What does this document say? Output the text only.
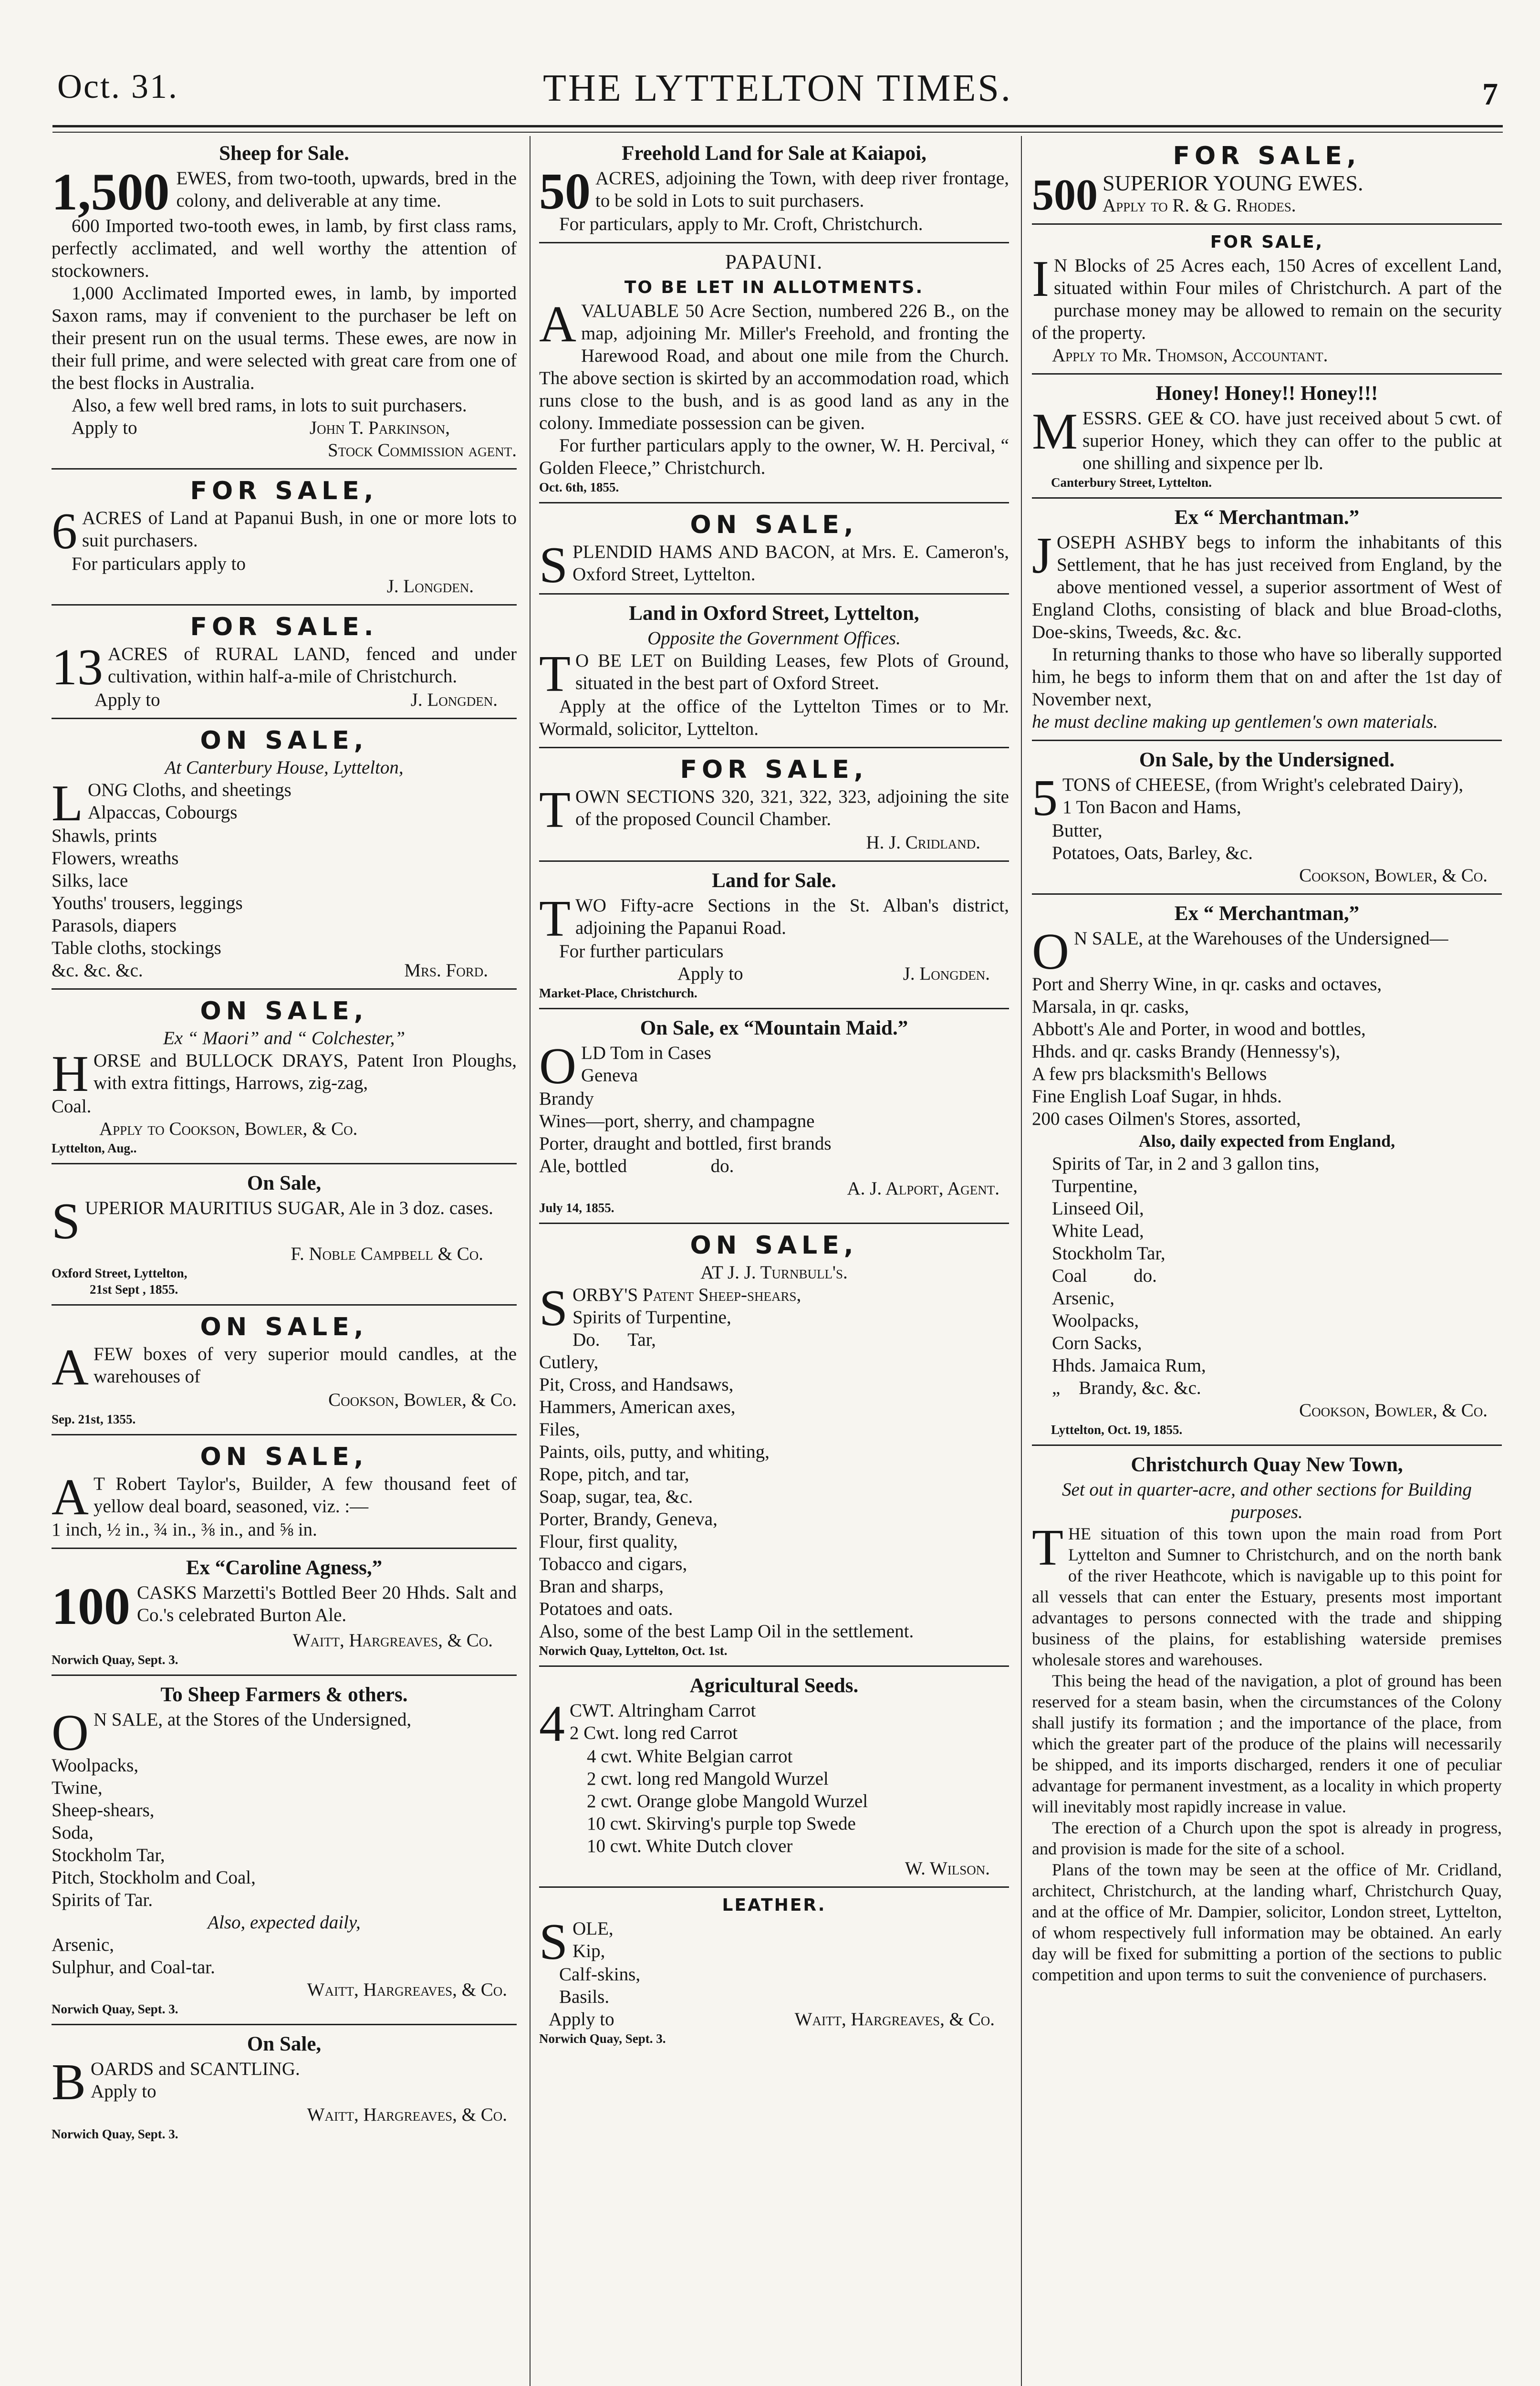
Oct. 31.	THE LYTTELTON TIMES.	7
Sheep for Sale.
1,500 EWES, from two-tooth, upwards, bred in the colony, and deliverable at any time.

600 Imported two-tooth ewes, in lamb, by first class rams, perfectly acclimated, and well worthy the attention of stockowners.

1,000 Acclimated Imported ewes, in lamb, by imported Saxon rams, may if convenient to the purchaser be left on their present run on the usual terms. These ewes, are now in their full prime, and were selected with great care from one of the best flocks in Australia.

Also, a few well bred rams, in lots to suit purchasers.

Apply to	John T. Parkinson,
Stock Commission agent.
FOR SALE,
6 ACRES of Land at Papanui Bush, in one or more lots to suit purchasers.

For particulars apply to

J. Longden.
FOR SALE.
13 ACRES of RURAL LAND, fenced and under cultivation, within half-a-mile of Christchurch.

Apply to	J. Longden.
ON SALE,
At Canterbury House, Lyttelton,
L ONG Cloths, and sheetings

Alpaccas, Cobourgs

Shawls, prints

Flowers, wreaths

Silks, lace

Youths' trousers, leggings

Parasols, diapers

Table cloths, stockings

&c. &c. &c.	Mrs. Ford.
ON SALE,
Ex “ Maori” and “ Colchester,”
H ORSE and BULLOCK DRAYS, Patent Iron Ploughs, with extra fittings, Harrows, zig-zag,

Coal.

Apply to Cookson, Bowler, & Co.

Lyttelton, Aug..
On Sale,
S UPERIOR MAURITIUS SUGAR, Ale in 3 doz. cases.

F. Noble Campbell & Co.
Oxford Street, Lyttelton,
21st Sept , 1855.
ON SALE,
A FEW boxes of very superior mould candles, at the warehouses of

Cookson, Bowler, & Co.
Sep. 21st, 1355.
ON SALE,
A T Robert Taylor's, Builder, A few thousand feet of yellow deal board, seasoned, viz. :—

1 inch, ½ in., ¾ in., ⅜ in., and ⅝ in.

Ex “Caroline Agness,”
100 CASKS Marzetti's Bottled Beer 20 Hhds. Salt and Co.'s celebrated Burton Ale.

Waitt, Hargreaves, & Co.
Norwich Quay, Sept. 3.
To Sheep Farmers & others.
O N SALE, at the Stores of the Undersigned,

Woolpacks,

Twine,

Sheep-shears,

Soda,

Stockholm Tar,

Pitch, Stockholm and Coal,

Spirits of Tar.

Also, expected daily,

Arsenic,

Sulphur, and Coal-tar.

Waitt, Hargreaves, & Co.
Norwich Quay, Sept. 3.
On Sale,
B OARDS and SCANTLING.

Apply to

Waitt, Hargreaves, & Co.
Norwich Quay, Sept. 3.
Freehold Land for Sale at Kaiapoi,
50 ACRES, adjoining the Town, with deep river frontage, to be sold in Lots to suit purchasers.

For particulars, apply to Mr. Croft, Christchurch.

PAPAUNI.
TO BE LET IN ALLOTMENTS.
A VALUABLE 50 Acre Section, numbered 226 B., on the map, adjoining Mr. Miller's Freehold, and fronting the Harewood Road, and about one mile from the Church. The above section is skirted by an accommodation road, which runs close to the bush, and is as good land as any in the colony. Immediate possession can be given.

For further particulars apply to the owner, W. H. Percival, “ Golden Fleece,” Christchurch.

Oct. 6th, 1855.
ON SALE,
S PLENDID HAMS AND BACON, at Mrs. E. Cameron's, Oxford Street, Lyttelton.

Land in Oxford Street, Lyttelton,
Opposite the Government Offices.
T O BE LET on Building Leases, few Plots of Ground, situated in the best part of Oxford Street.

Apply at the office of the Lyttelton Times or to Mr. Wormald, solicitor, Lyttelton.

FOR SALE,
T OWN SECTIONS 320, 321, 322, 323, adjoining the site of the proposed Council Chamber.

H. J. Cridland.
Land for Sale.
T WO Fifty-acre Sections in the St. Alban's district, adjoining the Papanui Road.

For further particulars

Apply to	J. Longden.
Market-Place, Christchurch.
On Sale, ex “Mountain Maid.”
O LD Tom in Cases

Geneva

Brandy

Wines—port, sherry, and champagne

Porter, draught and bottled, first brands

Ale, bottled                  do.

A. J. Alport, Agent.
July 14, 1855.
ON SALE,
AT J. J. Turnbull's.
S ORBY'S Patent Sheep-shears,

Spirits of Turpentine,

Do.      Tar,

Cutlery,

Pit, Cross, and Handsaws,

Hammers, American axes,

Files,

Paints, oils, putty, and whiting,

Rope, pitch, and tar,

Soap, sugar, tea, &c.

Porter, Brandy, Geneva,

Flour, first quality,

Tobacco and cigars,

Bran and sharps,

Potatoes and oats.

Also, some of the best Lamp Oil in the settlement.

Norwich Quay, Lyttelton, Oct. 1st.
Agricultural Seeds.
4 CWT. Altringham Carrot

2 Cwt. long red Carrot

4 cwt. White Belgian carrot

2 cwt. long red Mangold Wurzel

2 cwt. Orange globe Mangold Wurzel

10 cwt. Skirving's purple top Swede

10 cwt. White Dutch clover

W. Wilson.
LEATHER.
S OLE,

Kip,

Calf-skins,

Basils.

Apply to	Waitt, Hargreaves, & Co.
Norwich Quay, Sept. 3.
FOR SALE,
500 SUPERIOR YOUNG EWES.

Apply to R. & G. Rhodes.

FOR SALE,
I N Blocks of 25 Acres each, 150 Acres of excellent Land, situated within Four miles of Christchurch. A part of the purchase money may be allowed to remain on the security of the property.

Apply to Mr. Thomson, Accountant.

Honey! Honey!! Honey!!!
M ESSRS. GEE & CO. have just received about 5 cwt. of superior Honey, which they can offer to the public at one shilling and sixpence per lb.

Canterbury Street, Lyttelton.
Ex “ Merchantman.”
J OSEPH ASHBY begs to inform the inhabitants of this Settlement, that he has just received from England, by the above mentioned vessel, a superior assortment of West of England Cloths, consisting of black and blue Broad-cloths, Doe-skins, Tweeds, &c. &c.

In returning thanks to those who have so liberally supported him, he begs to inform them that on and after the 1st day of November next,

he must decline making up gentlemen's own materials.

On Sale, by the Undersigned.
5 TONS of CHEESE, (from Wright's celebrated Dairy),

1 Ton Bacon and Hams,

Butter,

Potatoes, Oats, Barley, &c.

Cookson, Bowler, & Co.
Ex “ Merchantman,”
O N SALE, at the Warehouses of the Undersigned—

Port and Sherry Wine, in qr. casks and octaves,

Marsala, in qr. casks,

Abbott's Ale and Porter, in wood and bottles,

Hhds. and qr. casks Brandy (Hennessy's),

A few prs blacksmith's Bellows

Fine English Loaf Sugar, in hhds.

200 cases Oilmen's Stores, assorted,

Also, daily expected from England,

Spirits of Tar, in 2 and 3 gallon tins,

Turpentine,

Linseed Oil,

White Lead,

Stockholm Tar,

Coal          do.

Arsenic,

Woolpacks,

Corn Sacks,

Hhds. Jamaica Rum,

„    Brandy, &c. &c.

Cookson, Bowler, & Co.
Lyttelton, Oct. 19, 1855.
Christchurch Quay New Town,
Set out in quarter-acre, and other sections for Building purposes.
T HE situation of this town upon the main road from Port Lyttelton and Sumner to Christchurch, and on the north bank of the river Heathcote, which is navigable up to this point for all vessels that can enter the Estuary, presents most important advantages to persons connected with the trade and shipping business of the plains, for establishing waterside premises wholesale stores and warehouses.

This being the head of the navigation, a plot of ground has been reserved for a steam basin, when the circumstances of the Colony shall justify its formation ; and the importance of the place, from which the greater part of the produce of the plains will necessarily be shipped, and its imports discharged, renders it one of peculiar advantage for permanent investment, as a locality in which property will inevitably most rapidly increase in value.

The erection of a Church upon the spot is already in progress, and provision is made for the site of a school.

Plans of the town may be seen at the office of Mr. Cridland, architect, Christchurch, at the landing wharf, Christchurch Quay, and at the office of Mr. Dampier, solicitor, London street, Lyttelton, of whom respectively full information may be obtained. An early day will be fixed for submitting a portion of the sections to public competition and upon terms to suit the convenience of purchasers.
